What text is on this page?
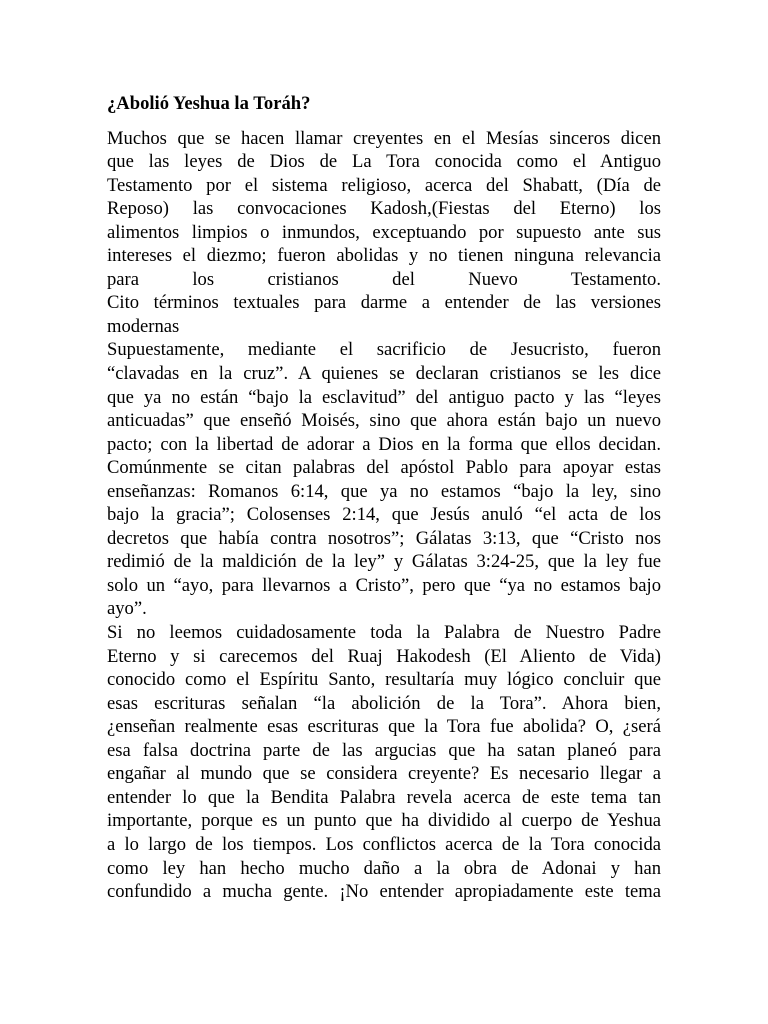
¿Abolió Yeshua la Toráh?
Muchos que se hacen llamar creyentes en el Mesías sinceros dicen
que las leyes de Dios de La Tora conocida como el Antiguo
Testamento por el sistema religioso, acerca del Shabatt, (Día de
Reposo) las convocaciones Kadosh,(Fiestas del Eterno) los
alimentos limpios o inmundos, exceptuando por supuesto ante sus
intereses el diezmo; fueron abolidas y no tienen ninguna relevancia
para los cristianos del Nuevo Testamento.
Cito términos textuales para darme a entender de las versiones
modernas
Supuestamente, mediante el sacrificio de Jesucristo, fueron
“clavadas en la cruz”. A quienes se declaran cristianos se les dice
que ya no están “bajo la esclavitud” del antiguo pacto y las “leyes
anticuadas” que enseñó Moisés, sino que ahora están bajo un nuevo
pacto; con la libertad de adorar a Dios en la forma que ellos decidan.
Comúnmente se citan palabras del apóstol Pablo para apoyar estas
enseñanzas: Romanos 6:14, que ya no estamos “bajo la ley, sino
bajo la gracia”; Colosenses 2:14, que Jesús anuló “el acta de los
decretos que había contra nosotros”; Gálatas 3:13, que “Cristo nos
redimió de la maldición de la ley” y Gálatas 3:24-25, que la ley fue
solo un “ayo, para llevarnos a Cristo”, pero que “ya no estamos bajo
ayo”.
Si no leemos cuidadosamente toda la Palabra de Nuestro Padre
Eterno y si carecemos del Ruaj Hakodesh (El Aliento de Vida)
conocido como el Espíritu Santo, resultaría muy lógico concluir que
esas escrituras señalan “la abolición de la Tora”. Ahora bien,
¿enseñan realmente esas escrituras que la Tora fue abolida? O, ¿será
esa falsa doctrina parte de las argucias que ha satan planeó para
engañar al mundo que se considera creyente? Es necesario llegar a
entender lo que la Bendita Palabra revela acerca de este tema tan
importante, porque es un punto que ha dividido al cuerpo de Yeshua
a lo largo de los tiempos. Los conflictos acerca de la Tora conocida
como ley han hecho mucho daño a la obra de Adonai y han
confundido a mucha gente. ¡No entender apropiadamente este tema
